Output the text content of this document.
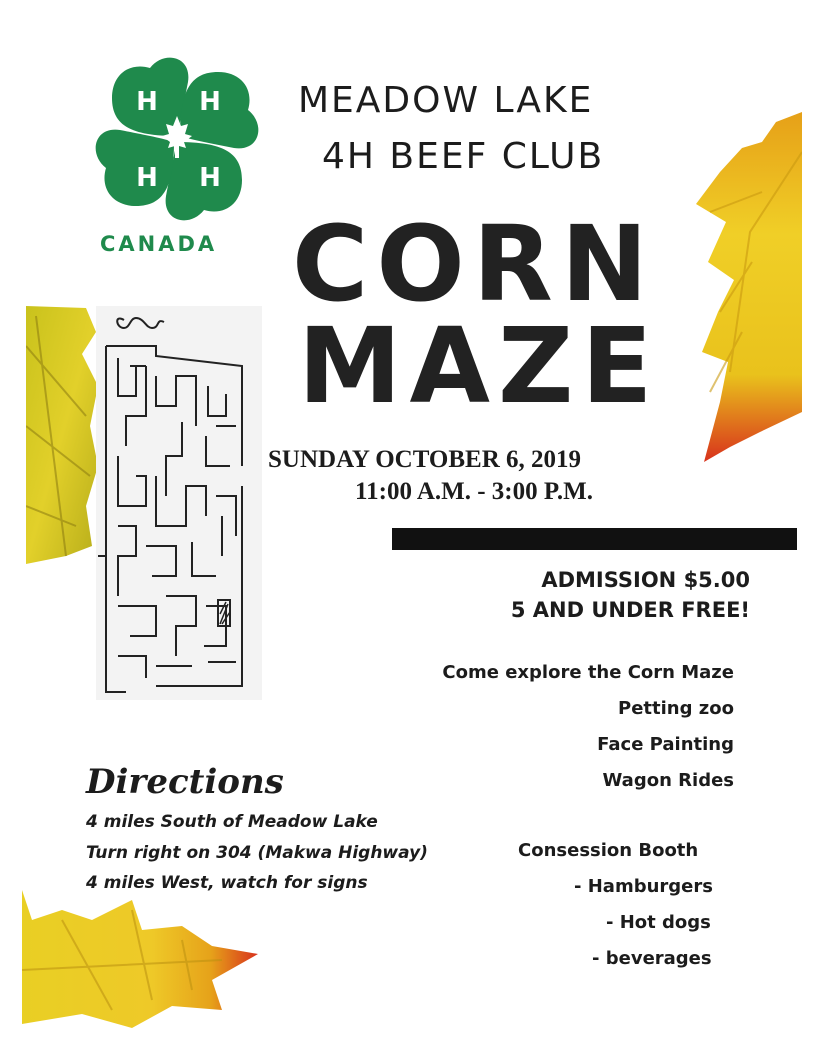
H H
H H
CANADA
MEADOW LAKE
4H BEEF CLUB
CORN
MAZE
SUNDAY OCTOBER 6, 2019
11:00 A.M. - 3:00 P.M.
ADMISSION $5.00
5 AND UNDER FREE!
Come explore the Corn Maze
Petting zoo
Face Painting
Wagon Rides
Consession Booth
- Hamburgers
- Hot dogs
- beverages
Directions
4 miles South of Meadow Lake
Turn right on 304 (Makwa Highway)
4 miles West, watch for signs
